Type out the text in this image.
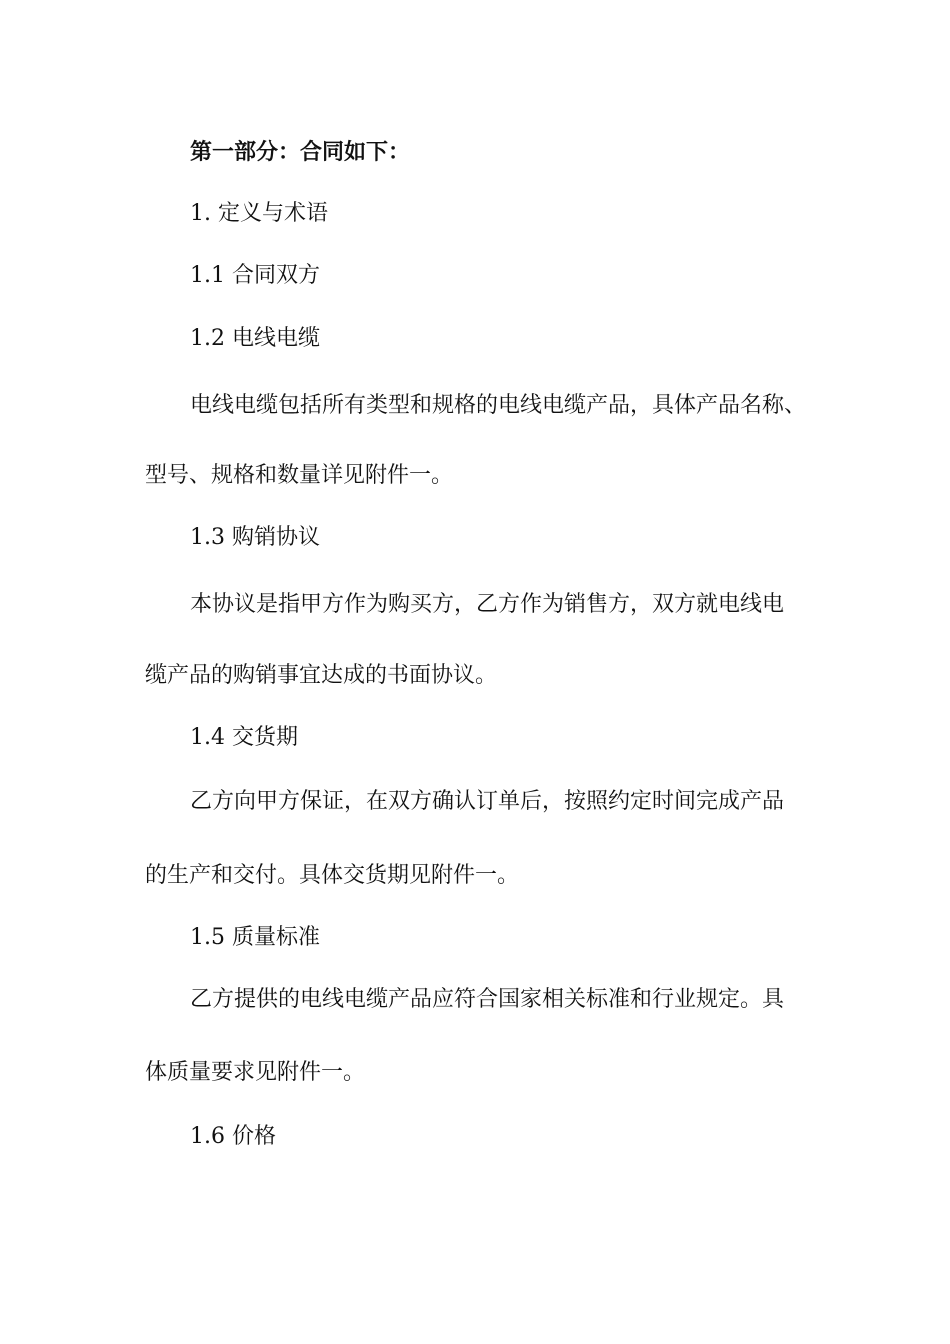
第一部分：合同如下：
1. 定义与术语
1.1 合同双方
1.2 电线电缆
电线电缆包括所有类型和规格的电线电缆产品，具体产品名称、
型号、规格和数量详见附件一。
1.3 购销协议
本协议是指甲方作为购买方，乙方作为销售方，双方就电线电
缆产品的购销事宜达成的书面协议。
1.4 交货期
乙方向甲方保证，在双方确认订单后，按照约定时间完成产品
的生产和交付。具体交货期见附件一。
1.5 质量标准
乙方提供的电线电缆产品应符合国家相关标准和行业规定。具
体质量要求见附件一。
1.6 价格
